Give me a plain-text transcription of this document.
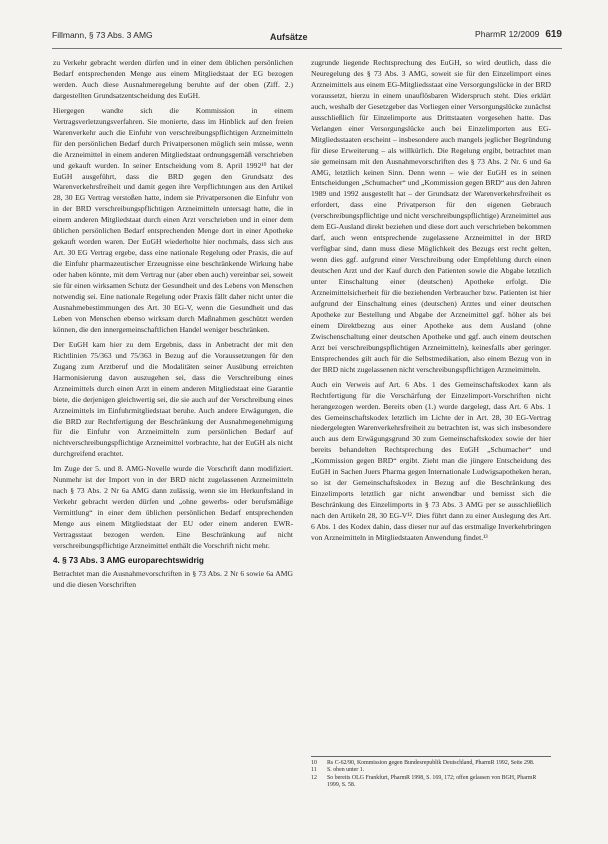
Fillmann, § 73 Abs. 3 AMG	Aufsätze	PharmR 12/2009 619

zu Verkehr gebracht werden dürfen und in einer dem üblichen persönlichen Bedarf entsprechenden Menge aus einem Mitgliedstaat der EG bezogen werden. Auch diese Ausnahmeregelung beruhte auf der oben (Ziff. 2.) dargestellten Grundsatzentscheidung des EuGH.

Hiergegen wandte sich die Kommission in einem Vertragsverletzungsverfahren. Sie monierte, dass im Hinblick auf den freien Warenverkehr auch die Einfuhr von verschreibungspflichtigen Arzneimitteln für den persönlichen Bedarf durch Privatpersonen möglich sein müsse, wenn die Arzneimittel in einem anderen Mitgliedstaat ordnungsgemäß verschrieben und gekauft wurden. In seiner Entscheidung vom 8. April 1992¹⁰ hat der EuGH ausgeführt, dass die BRD gegen den Grundsatz des Warenverkehrsfreiheit und damit gegen ihre Verpflichtungen aus den Artikel 28, 30 EG Vertrag verstoßen hatte, indem sie Privatpersonen die Einfuhr von in der BRD verschreibungspflichtigen Arzneimitteln untersagt hatte, die in einem anderen Mitgliedstaat durch einen Arzt verschrieben und in einer dem üblichen persönlichen Bedarf entsprechenden Menge dort in einer Apotheke gekauft worden waren. Der EuGH wiederholte hier nochmals, dass sich aus Art. 30 EG Vertrag ergebe, dass eine nationale Regelung oder Praxis, die auf die Einfuhr pharmazeutischer Erzeugnisse eine beschränkende Wirkung habe oder haben könnte, mit dem Vertrag nur (aber eben auch) vereinbar sei, soweit sie für einen wirksamen Schutz der Gesundheit und des Lebens von Menschen notwendig sei. Eine nationale Regelung oder Praxis fällt daher nicht unter die Ausnahmebestimmungen des Art. 30 EG-V, wenn die Gesundheit und das Leben von Menschen ebenso wirksam durch Maßnahmen geschützt werden können, die den innergemeinschaftlichen Handel weniger beschränken.

Der EuGH kam hier zu dem Ergebnis, dass in Anbetracht der mit den Richtlinien 75/363 und 75/363 in Bezug auf die Voraussetzungen für den Zugang zum Arztberuf und die Modalitäten seiner Ausübung erreichten Harmonisierung davon auszugehen sei, dass die Verschreibung eines Arzneimittels durch einen Arzt in einem anderen Mitgliedstaat eine Garantie biete, die derjenigen gleichwertig sei, die sie auch auf der Verschreibung eines Arzneimittels im Einfuhrmitgliedstaat beruhe. Auch andere Erwägungen, die die BRD zur Rechtfertigung der Beschränkung der Ausnahmegenehmigung für die Einfuhr von Arzneimitteln zum persönlichen Bedarf auf nichtverschreibungspflichtige Arzneimittel vorbrachte, hat der EuGH als nicht durchgreifend erachtet.

Im Zuge der 5. und 8. AMG-Novelle wurde die Vorschrift dann modifiziert. Nunmehr ist der Import von in der BRD nicht zugelassenen Arzneimitteln nach § 73 Abs. 2 Nr 6a AMG dann zulässig, wenn sie im Herkunftsland in Verkehr gebracht werden dürfen und „ohne gewerbs- oder berufsmäßige Vermittlung“ in einer dem üblichen persönlichen Bedarf entsprechenden Menge aus einem Mitgliedstaat der EU oder einem anderen EWR-Vertragsstaat bezogen werden. Eine Beschränkung auf nicht verschreibungspflichtige Arzneimittel enthält die Vorschrift nicht mehr.

4. § 73 Abs. 3 AMG europarechtswidrig

Betrachtet man die Ausnahmevorschriften in § 73 Abs. 2 Nr 6 sowie 6a AMG und die diesen Vorschriften

zugrunde liegende Rechtsprechung des EuGH, so wird deutlich, dass die Neuregelung des § 73 Abs. 3 AMG, soweit sie für den Einzelimport eines Arzneimittels aus einem EG-Mitgliedsstaat eine Versorgungslücke in der BRD voraussetzt, hierzu in einem unauflösbaren Widerspruch steht. Dies erklärt auch, weshalb der Gesetzgeber das Vorliegen einer Versorgungslücke zunächst ausschließlich für Einzelimporte aus Drittstaaten vorgesehen hatte. Das Verlangen einer Versorgungslücke auch bei Einzelimporten aus EG-Mitgliedsstaaten erscheint – insbesondere auch mangels jeglicher Begründung für diese Erweiterung – als willkürlich. Die Regelung ergibt, betrachtet man sie gemeinsam mit den Ausnahmevorschriften des § 73 Abs. 2 Nr. 6 und 6a AMG, letztlich keinen Sinn. Denn wenn – wie der EuGH es in seinen Entscheidungen „Schumacher“ und „Kommission gegen BRD“ aus den Jahren 1989 und 1992 ausgestellt hat – der Grundsatz der Warenverkehrsfreiheit es erfordert, dass eine Privatperson für den eigenen Gebrauch (verschreibungspflichtige und nicht verschreibungspflichtige) Arzneimittel aus dem EG-Ausland direkt beziehen und diese dort auch verschrieben bekommen darf, auch wenn entsprechende zugelassene Arzneimittel in der BRD verfügbar sind, dann muss diese Möglichkeit des Bezugs erst recht gelten, wenn dies ggf. aufgrund einer Verschreibung oder Empfehlung durch einen deutschen Arzt und der Kauf durch den Patienten sowie die Abgabe letztlich unter Einschaltung einer (deutschen) Apotheke erfolgt. Die Arzneimittelsicherheit für die beziehenden Verbraucher bzw. Patienten ist hier aufgrund der Einschaltung eines (deutschen) Arztes und einer deutschen Apotheke zur Bestellung und Abgabe der Arzneimittel ggf. höher als bei einem Direktbezug aus einer Apotheke aus dem Ausland (ohne Zwischenschaltung einer deutschen Apotheke und ggf. auch einem deutschen Arzt bei verschreibungspflichtigen Arzneimitteln), keinesfalls aber geringer. Entsprechendes gilt auch für die Selbstmedikation, also einem Bezug von in der BRD nicht zugelassenen nicht verschreibungspflichtigen Arzneimitteln.

Auch ein Verweis auf Art. 6 Abs. 1 des Gemeinschaftskodex kann als Rechtfertigung für die Verschärfung der Einzelimport-Vorschriften nicht herangezogen werden. Bereits oben (1.) wurde dargelegt, dass Art. 6 Abs. 1 des Gemeinschaftskodex letztlich im Lichte der in Art. 28, 30 EG-Vertrag niedergelegten Warenverkehrsfreiheit zu betrachten ist, was sich insbesondere auch aus dem Erwägungsgrund 30 zum Gemeinschaftskodex sowie der hier bereits behandelten Rechtsprechung des EuGH „Schumacher“ und „Kommission gegen BRD“ ergibt. Zieht man die jüngere Entscheidung des EuGH in Sachen Juers Pharma gegen Internationale Ludwigsapotheken heran, so ist der Gemeinschaftskodex in Bezug auf die Beschränkung des Einzelimports letztlich gar nicht anwendbar und bemisst sich die Beschränkung des Einzelimports in § 73 Abs. 3 AMG per se ausschließlich nach den Artikeln 28, 30 EG-V¹². Dies führt dann zu einer Auslegung des Art. 6 Abs. 1 des Kodex dahin, dass dieser nur auf das erstmalige Inverkehrbringen von Arzneimitteln in Mitgliedstaaten Anwendung findet.¹³

10	Rs C-62/90, Kommission gegen Bundesrepublik Deutschland, PharmR 1992, Seite 298.
11	S. oben unter 1.
12	So bereits OLG Frankfurt, PharmR 1998, S. 169, 172; offen gelassen von BGH, PharmR 1999, S. 58.
